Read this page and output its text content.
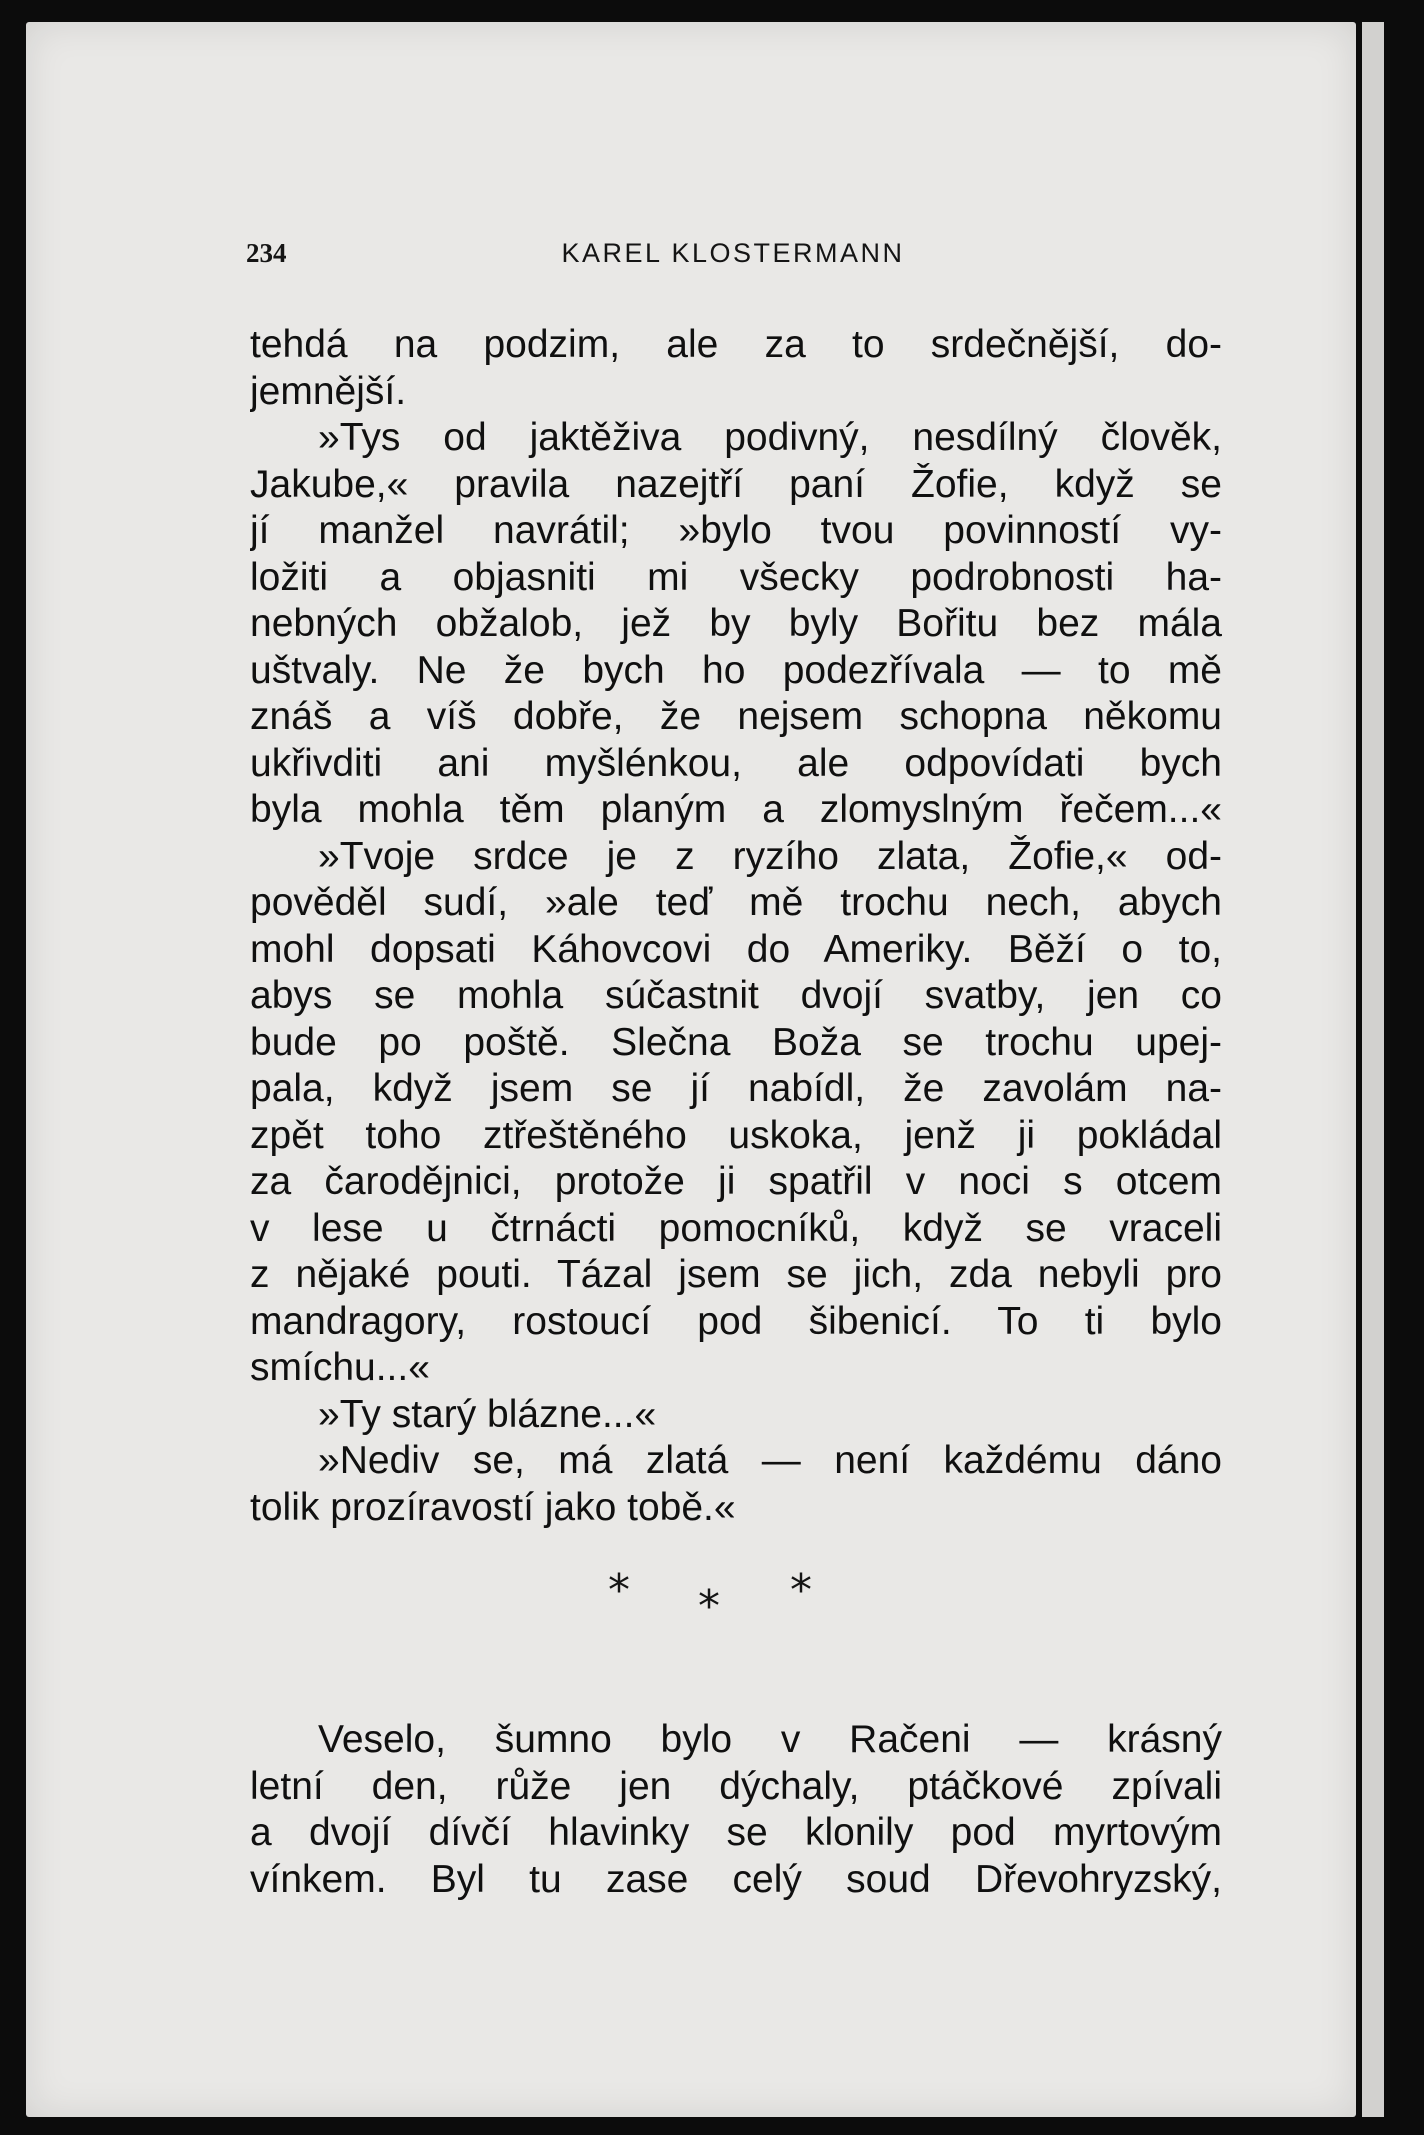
234	KAREL KLOSTERMANN
tehdá na podzim, ale za to srdečnější, do-
jemnější.
»Tys od jaktěživa podivný, nesdílný člověk,
Jakube,« pravila nazejtří paní Žofie, když se
jí manžel navrátil; »bylo tvou povinností vy-
ložiti a objasniti mi všecky podrobnosti ha-
nebných obžalob, jež by byly Bořitu bez mála
uštvaly. Ne že bych ho podezřívala — to mě
znáš a víš dobře, že nejsem schopna někomu
ukřivditi ani myšlénkou, ale odpovídati bych
byla mohla těm planým a zlomyslným řečem...«
»Tvoje srdce je z ryzího zlata, Žofie,« od-
pověděl sudí, »ale teď mě trochu nech, abych
mohl dopsati Káhovcovi do Ameriky. Běží o to,
abys se mohla súčastnit dvojí svatby, jen co
bude po poště. Slečna Boža se trochu upej-
pala, když jsem se jí nabídl, že zavolám na-
zpět toho ztřeštěného uskoka, jenž ji pokládal
za čarodějnici, protože ji spatřil v noci s otcem
v lese u čtrnácti pomocníků, když se vraceli
z nějaké pouti. Tázal jsem se jich, zda nebyli pro
mandragory, rostoucí pod šibenicí. To ti bylo
smíchu...«
»Ty starý blázne...«
»Nediv se, má zlatá — není každému dáno
tolik prozíravostí jako tobě.«
* * *
Veselo, šumno bylo v Račeni — krásný
letní den, růže jen dýchaly, ptáčkové zpívali
a dvojí dívčí hlavinky se klonily pod myrtovým
vínkem. Byl tu zase celý soud Dřevohryzský,
